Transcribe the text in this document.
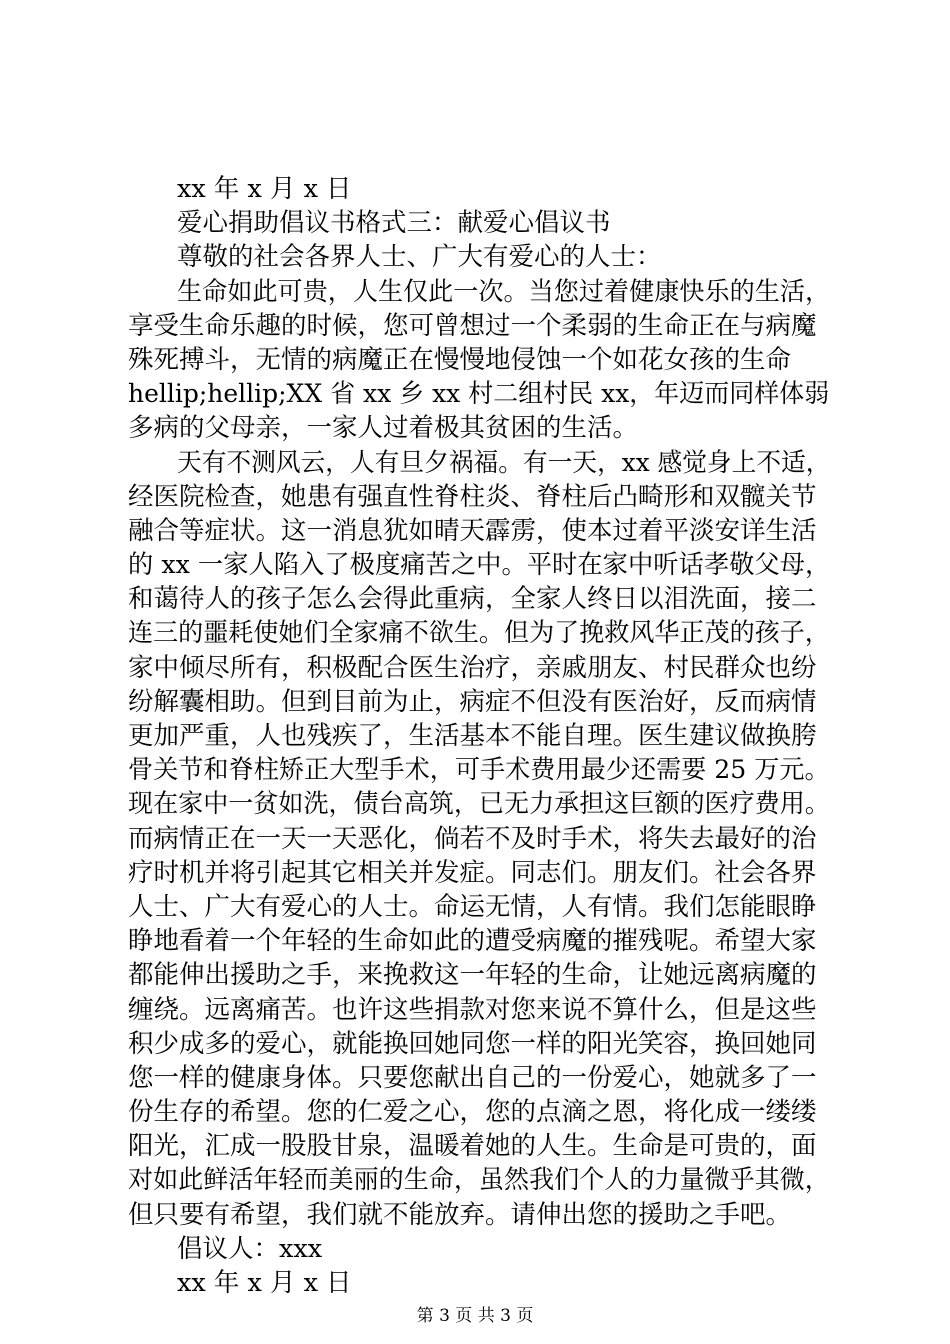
xx 年 x 月 x 日

爱心捐助倡议书格式三：献爱心倡议书

尊敬的社会各界人士、广大有爱心的人士：

生命如此可贵，人生仅此一次。当您过着健康快乐的生活，

享受生命乐趣的时候，您可曾想过一个柔弱的生命正在与病魔

殊死搏斗，无情的病魔正在慢慢地侵蚀一个如花女孩的生命

hellip;hellip;XX 省 xx 乡 xx 村二组村民 xx，年迈而同样体弱

多病的父母亲，一家人过着极其贫困的生活。

天有不测风云，人有旦夕祸福。有一天，xx 感觉身上不适，

经医院检查，她患有强直性脊柱炎、脊柱后凸畸形和双髋关节

融合等症状。这一消息犹如晴天霹雳，使本过着平淡安详生活

的 xx 一家人陷入了极度痛苦之中。平时在家中听话孝敬父母，

和蔼待人的孩子怎么会得此重病，全家人终日以泪洗面，接二

连三的噩耗使她们全家痛不欲生。但为了挽救风华正茂的孩子，

家中倾尽所有，积极配合医生治疗，亲戚朋友、村民群众也纷

纷解囊相助。但到目前为止，病症不但没有医治好，反而病情

更加严重，人也残疾了，生活基本不能自理。医生建议做换胯

骨关节和脊柱矫正大型手术，可手术费用最少还需要 25 万元。

现在家中一贫如洗，债台高筑，已无力承担这巨额的医疗费用。

而病情正在一天一天恶化，倘若不及时手术，将失去最好的治

疗时机并将引起其它相关并发症。同志们。朋友们。社会各界

人士、广大有爱心的人士。命运无情，人有情。我们怎能眼睁

睁地看着一个年轻的生命如此的遭受病魔的摧残呢。希望大家

都能伸出援助之手，来挽救这一年轻的生命，让她远离病魔的

缠绕。远离痛苦。也许这些捐款对您来说不算什么，但是这些

积少成多的爱心，就能换回她同您一样的阳光笑容，换回她同

您一样的健康身体。只要您献出自己的一份爱心，她就多了一

份生存的希望。您的仁爱之心，您的点滴之恩，将化成一缕缕

阳光，汇成一股股甘泉，温暖着她的人生。生命是可贵的，面

对如此鲜活年轻而美丽的生命，虽然我们个人的力量微乎其微，

但只要有希望，我们就不能放弃。请伸出您的援助之手吧。

倡议人：xxx

xx 年 x 月 x 日

第 3 页 共 3 页
